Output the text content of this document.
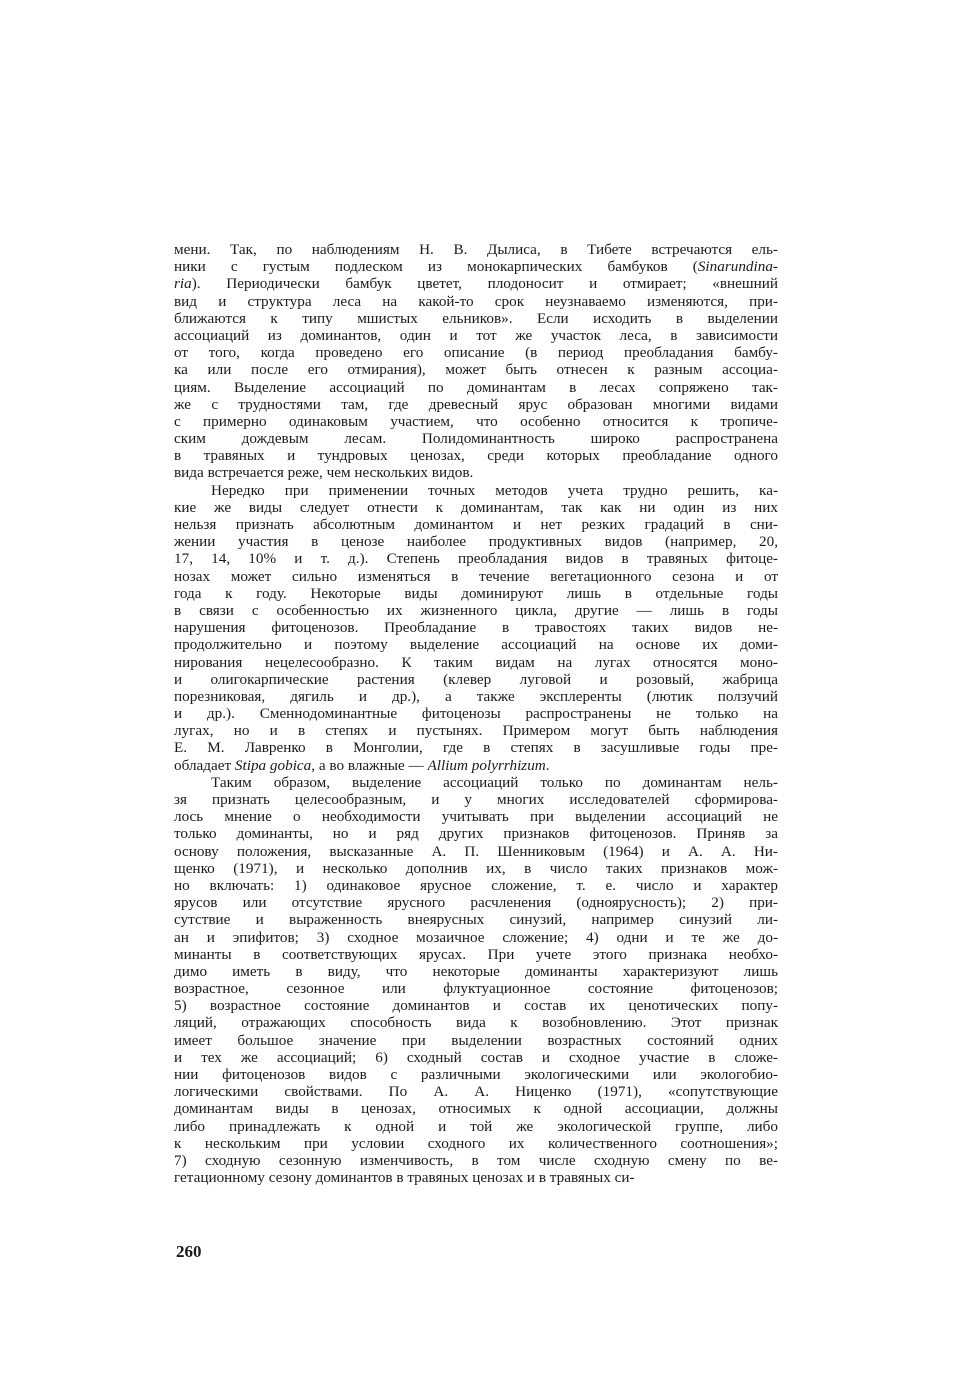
мени. Так, по наблюдениям Н. В. Дылиса, в Тибете встречаются ель-
ники с густым подлеском из монокарпических бамбуков (Sinarundina-
ria). Периодически бамбук цветет, плодоносит и отмирает; «внешний
вид и структура леса на какой-то срок неузнаваемо изменяются, при-
ближаются к типу мшистых ельников». Если исходить в выделении
ассоциаций из доминантов, один и тот же участок леса, в зависимости
от того, когда проведено его описание (в период преобладания бамбу-
ка или после его отмирания), может быть отнесен к разным ассоциа-
циям. Выделение ассоциаций по доминантам в лесах сопряжено так-
же с трудностями там, где древесный ярус образован многими видами
с примерно одинаковым участием, что особенно относится к тропиче-
ским дождевым лесам. Полидоминантность широко распространена
в травяных и тундровых ценозах, среди которых преобладание одного
вида встречается реже, чем нескольких видов.
Нередко при применении точных методов учета трудно решить, ка-
кие же виды следует отнести к доминантам, так как ни один из них
нельзя признать абсолютным доминантом и нет резких градаций в сни-
жении участия в ценозе наиболее продуктивных видов (например, 20,
17, 14, 10% и т. д.). Степень преобладания видов в травяных фитоце-
нозах может сильно изменяться в течение вегетационного сезона и от
года к году. Некоторые виды доминируют лишь в отдельные годы
в связи с особенностью их жизненного цикла, другие — лишь в годы
нарушения фитоценозов. Преобладание в травостоях таких видов не-
продолжительно и поэтому выделение ассоциаций на основе их доми-
нирования нецелесообразно. К таким видам на лугах относятся моно-
и олигокарпические растения (клевер луговой и розовый, жабрица
порезниковая, дягиль и др.), а также эксплеренты (лютик ползучий
и др.). Сменнодоминантные фитоценозы распространены не только на
лугах, но и в степях и пустынях. Примером могут быть наблюдения
Е. М. Лавренко в Монголии, где в степях в засушливые годы пре-
обладает Stipa gobica, а во влажные — Allium polyrrhizum.
Таким образом, выделение ассоциаций только по доминантам нель-
зя признать целесообразным, и у многих исследователей сформирова-
лось мнение о необходимости учитывать при выделении ассоциаций не
только доминанты, но и ряд других признаков фитоценозов. Приняв за
основу положения, высказанные А. П. Шенниковым (1964) и А. А. Ни-
щенко (1971), и несколько дополнив их, в число таких признаков мож-
но включать: 1) одинаковое ярусное сложение, т. е. число и характер
ярусов или отсутствие ярусного расчленения (одноярусность); 2) при-
сутствие и выраженность внеярусных синузий, например синузий ли-
ан и эпифитов; 3) сходное мозаичное сложение; 4) одни и те же до-
минанты в соответствующих ярусах. При учете этого признака необхо-
димо иметь в виду, что некоторые доминанты характеризуют лишь
возрастное, сезонное или флуктуационное состояние фитоценозов;
5) возрастное состояние доминантов и состав их ценотических попу-
ляций, отражающих способность вида к возобновлению. Этот признак
имеет большое значение при выделении возрастных состояний одних
и тех же ассоциаций; 6) сходный состав и сходное участие в сложе-
нии фитоценозов видов с различными экологическими или экологобио-
логическими свойствами. По А. А. Ниценко (1971), «сопутствующие
доминантам виды в ценозах, относимых к одной ассоциации, должны
либо принадлежать к одной и той же экологической группе, либо
к нескольким при условии сходного их количественного соотношения»;
7) сходную сезонную изменчивость, в том числе сходную смену по ве-
гетационному сезону доминантов в травяных ценозах и в травяных си-
260
